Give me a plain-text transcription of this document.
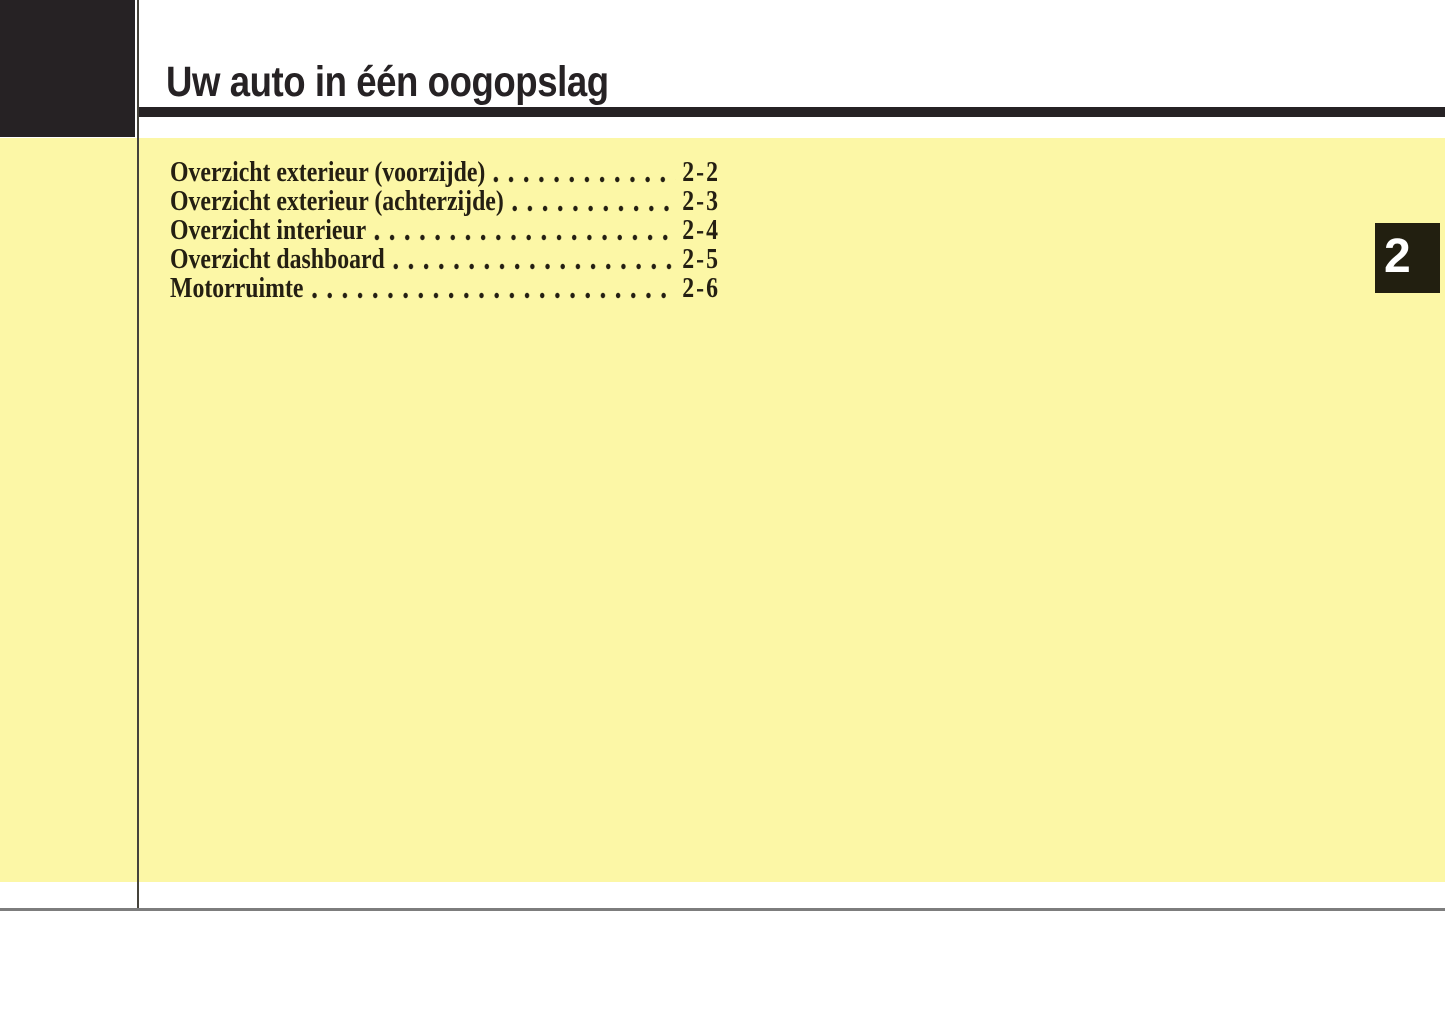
Uw auto in één oogopslag
Overzicht exterieur (voorzijde)	2-2
Overzicht exterieur (achterzijde)	2-3
Overzicht interieur	2-4
Overzicht dashboard	2-5
Motorruimte	2-6
2
